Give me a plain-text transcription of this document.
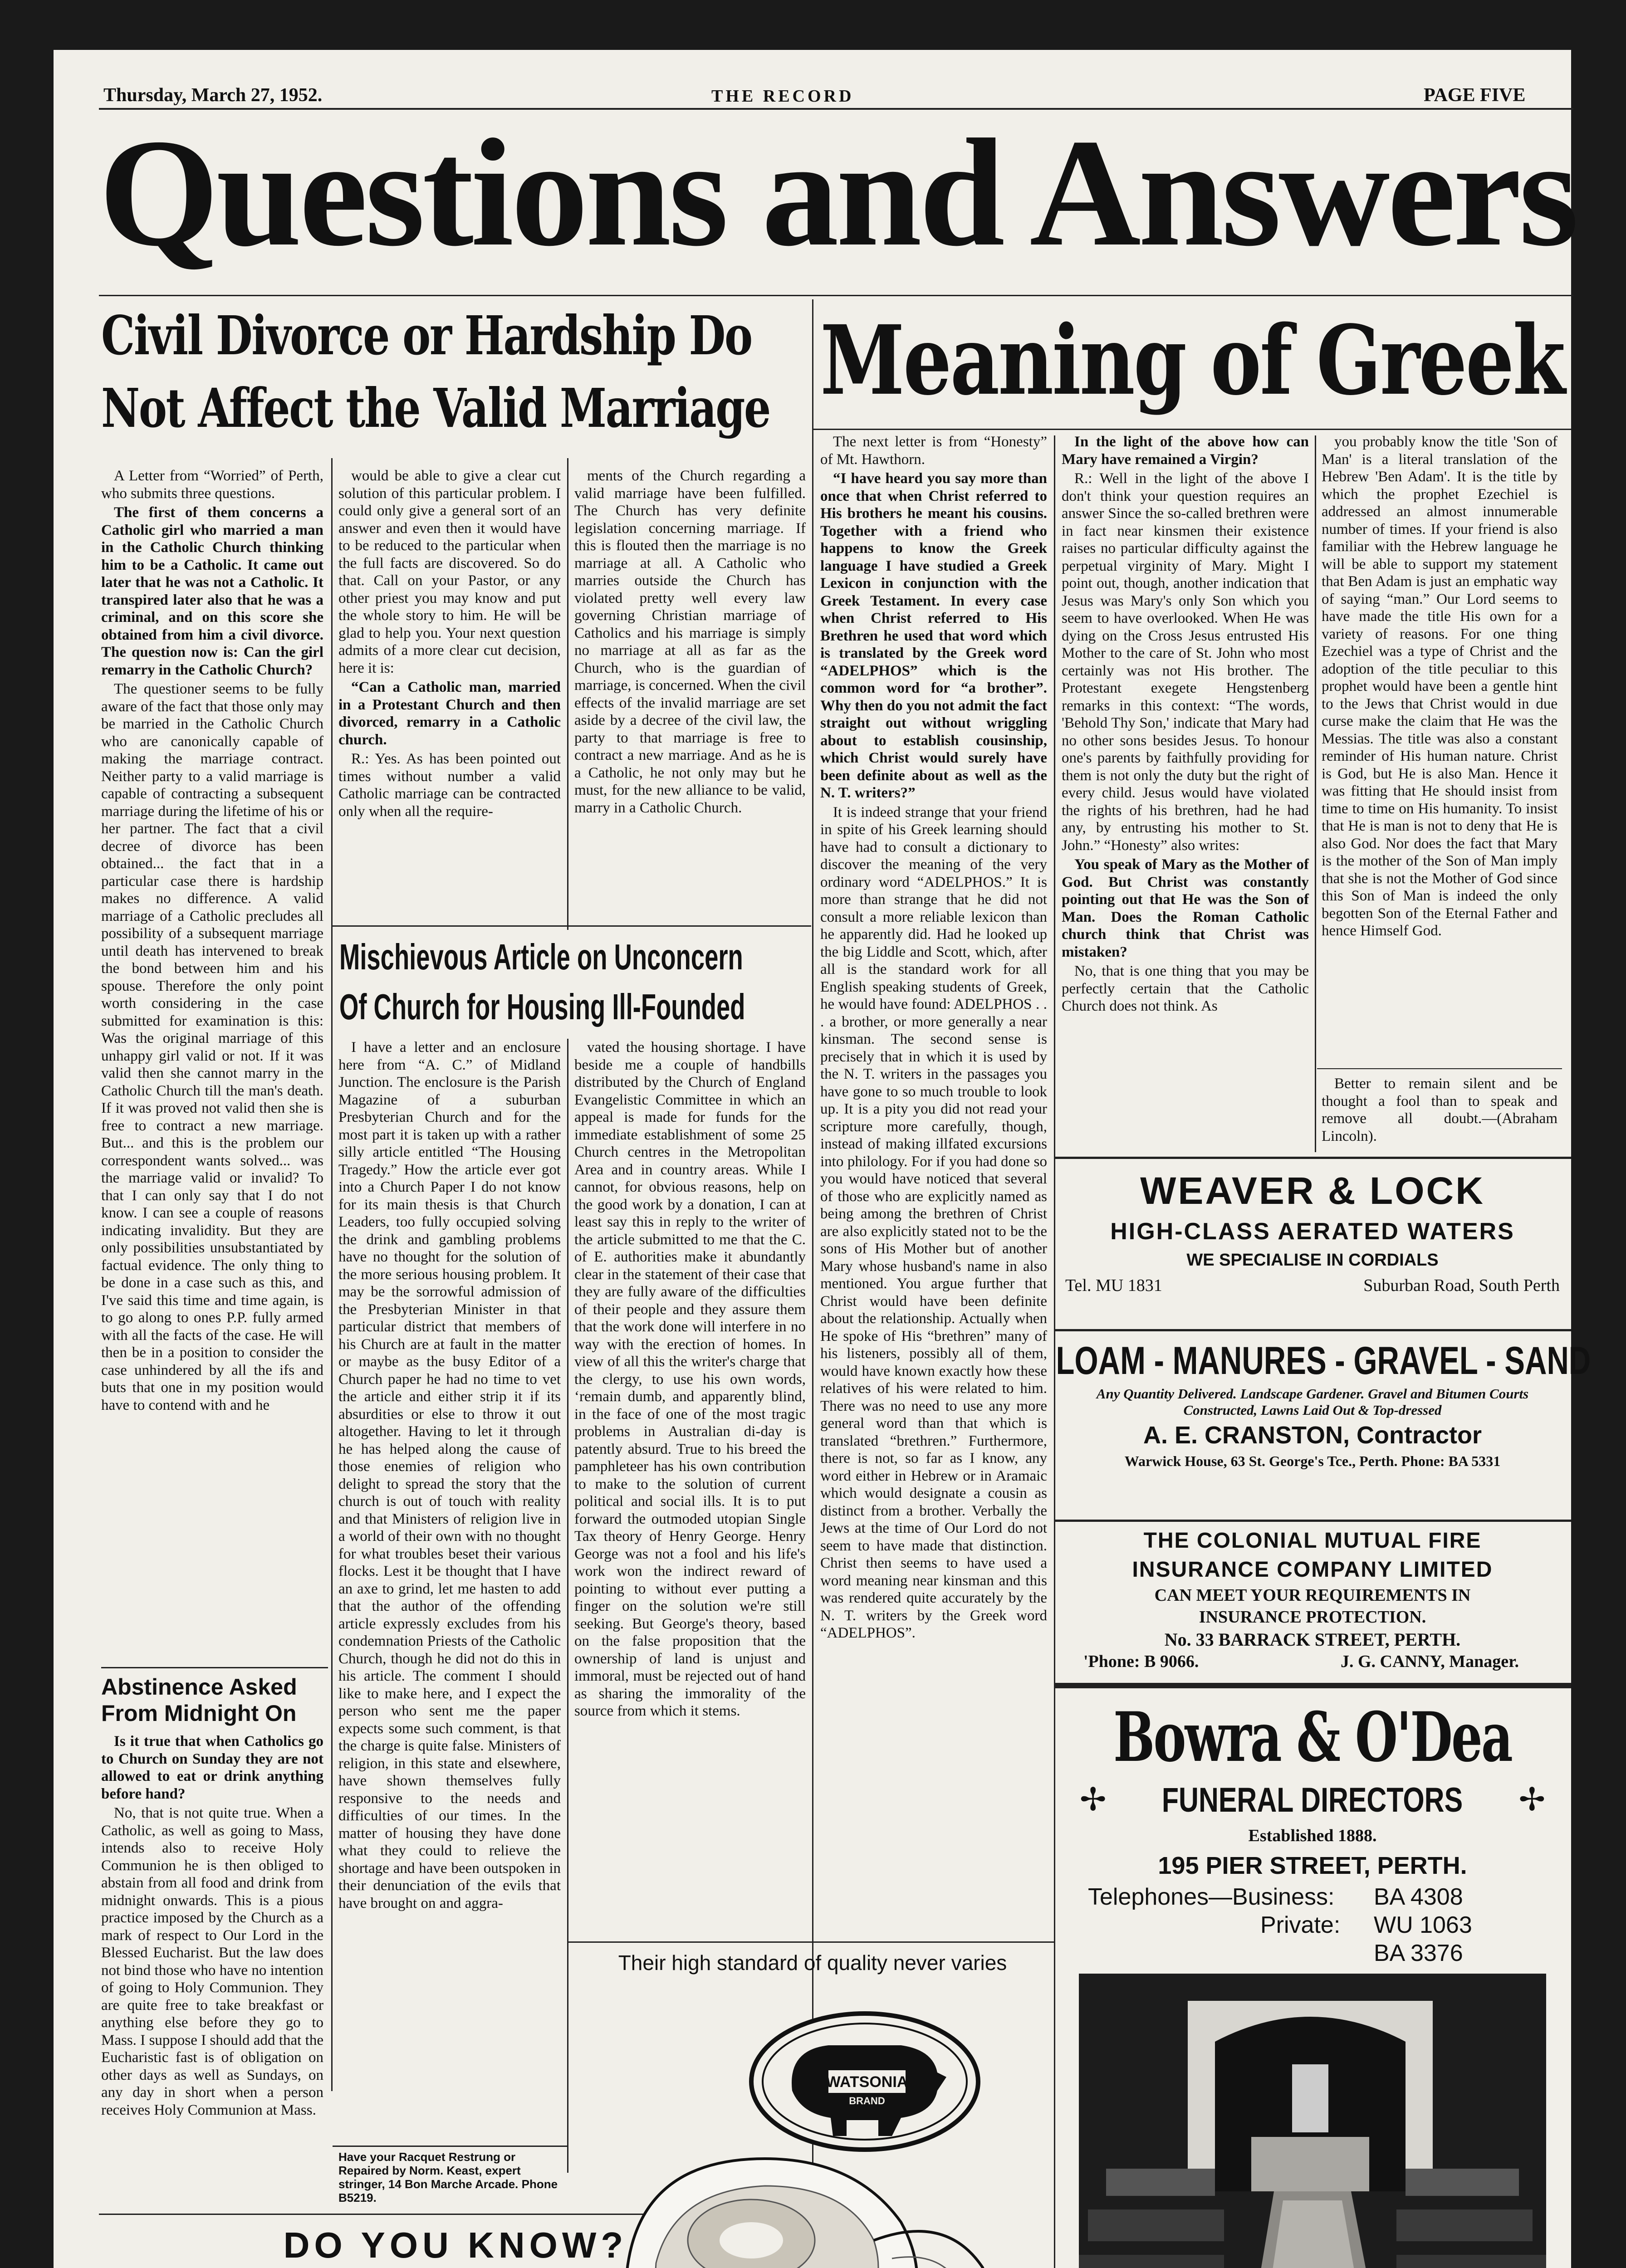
Thursday, March 27, 1952.	THE RECORD	PAGE FIVE
Questions and Answers
Civil Divorce or Hardship Do
Not Affect the Valid Marriage

A Letter from “Worried” of Perth, who submits three questions.

The first of them concerns a Catholic girl who married a man in the Catholic Church thinking him to be a Catholic. It came out later that he was not a Catholic. It transpired later also that he was a criminal, and on this score she obtained from him a civil divorce. The question now is: Can the girl remarry in the Catholic Church?

The questioner seems to be fully aware of the fact that those only may be married in the Catholic Church who are canonically capable of making the marriage contract. Neither party to a valid marriage is capable of contracting a subsequent marriage during the lifetime of his or her partner. The fact that a civil decree of divorce has been obtained... the fact that in a particular case there is hardship makes no difference. A valid marriage of a Catholic precludes all possibility of a subsequent marriage until death has intervened to break the bond between him and his spouse. Therefore the only point worth considering in the case submitted for examination is this: Was the original marriage of this unhappy girl valid or not. If it was valid then she cannot marry in the Catholic Church till the man's death. If it was proved not valid then she is free to contract a new marriage. But... and this is the problem our correspondent wants solved... was the marriage valid or invalid? To that I can only say that I do not know. I can see a couple of reasons indicating invalidity. But they are only possibilities unsubstantiated by factual evidence. The only thing to be done in a case such as this, and I've said this time and time again, is to go along to ones P.P. fully armed with all the facts of the case. He will then be in a position to consider the case unhindered by all the ifs and buts that one in my position would have to contend with and he

Abstinence Asked
From Midnight On

Is it true that when Catholics go to Church on Sunday they are not allowed to eat or drink anything before hand?

No, that is not quite true. When a Catholic, as well as going to Mass, intends also to receive Holy Communion he is then obliged to abstain from all food and drink from midnight onwards. This is a pious practice imposed by the Church as a mark of respect to Our Lord in the Blessed Eucharist. But the law does not bind those who have no intention of going to Holy Communion. They are quite free to take breakfast or anything else before they go to Mass. I suppose I should add that the Eucharistic fast is of obligation on other days as well as Sundays, on any day in short when a person receives Holy Communion at Mass.

would be able to give a clear cut solution of this particular problem. I could only give a general sort of an answer and even then it would have to be reduced to the particular when the full facts are discovered. So do that. Call on your Pastor, or any other priest you may know and put the whole story to him. He will be glad to help you. Your next question admits of a more clear cut decision, here it is:

“Can a Catholic man, married in a Protestant Church and then divorced, remarry in a Catholic church.

R.: Yes. As has been pointed out times without number a valid Catholic marriage can be contracted only when all the require-

ments of the Church regarding a valid marriage have been fulfilled. The Church has very definite legislation concerning marriage. If this is flouted then the marriage is no marriage at all. A Catholic who marries outside the Church has violated pretty well every law governing Christian marriage of Catholics and his marriage is simply no marriage at all as far as the Church, who is the guardian of marriage, is concerned. When the civil effects of the invalid marriage are set aside by a decree of the civil law, the party to that marriage is free to contract a new marriage. And as he is a Catholic, he not only may but he must, for the new alliance to be valid, marry in a Catholic Church.

Mischievous Article on Unconcern
Of Church for Housing Ill-Founded

I have a letter and an enclosure here from “A. C.” of Midland Junction. The enclosure is the Parish Magazine of a suburban Presbyterian Church and for the most part it is taken up with a rather silly article entitled “The Housing Tragedy.” How the article ever got into a Church Paper I do not know for its main thesis is that Church Leaders, too fully occupied solving the drink and gambling problems have no thought for the solution of the more serious housing problem. It may be the sorrowful admission of the Presbyterian Minister in that particular district that members of his Church are at fault in the matter or maybe as the busy Editor of a Church paper he had no time to vet the article and either strip it if its absurdities or else to throw it out altogether. Having to let it through he has helped along the cause of those enemies of religion who delight to spread the story that the church is out of touch with reality and that Ministers of religion live in a world of their own with no thought for what troubles beset their various flocks. Lest it be thought that I have an axe to grind, let me hasten to add that the author of the offending article expressly excludes from his condemnation Priests of the Catholic Church, though he did not do this in his article. The comment I should like to make here, and I expect the person who sent me the paper expects some such comment, is that the charge is quite false. Ministers of religion, in this state and elsewhere, have shown themselves fully responsive to the needs and difficulties of our times. In the matter of housing they have done what they could to relieve the shortage and have been outspoken in their denunciation of the evils that have brought on and aggra-

vated the housing shortage. I have beside me a couple of handbills distributed by the Church of England Evangelistic Committee in which an appeal is made for funds for the immediate establishment of some 25 Church centres in the Metropolitan Area and in country areas. While I cannot, for obvious reasons, help on the good work by a donation, I can at least say this in reply to the writer of the article submitted to me that the C. of E. authorities make it abundantly clear in the statement of their case that they are fully aware of the difficulties of their people and they assure them that the work done will interfere in no way with the erection of homes. In view of all this the writer's charge that the clergy, to use his own words, ‘remain dumb, and apparently blind, in the face of one of the most tragic problems in Australian di-day is patently absurd. True to his breed the pamphleteer has his own contribution to make to the solution of current political and social ills. It is to put forward the outmoded utopian Single Tax theory of Henry George. Henry George was not a fool and his life's work won the indirect reward of pointing to without ever putting a finger on the solution we're still seeking. But George's theory, based on the false proposition that the ownership of land is unjust and immoral, must be rejected out of hand as sharing the immorality of the source from which it stems.

Have your Racquet Restrung or Repaired by Norm. Keast, expert stringer, 14 Bon Marche Arcade. Phone B5219.
DO YOU KNOW?
Meaning of Greek

The next letter is from “Honesty” of Mt. Hawthorn.

“I have heard you say more than once that when Christ referred to His brothers he meant his cousins. Together with a friend who happens to know the Greek language I have studied a Greek Lexicon in conjunction with the Greek Testament. In every case when Christ referred to His Brethren he used that word which is translated by the Greek word “ADELPHOS” which is the common word for “a brother”. Why then do you not admit the fact straight out without wriggling about to establish cousinship, which Christ would surely have been definite about as well as the N. T. writers?”

It is indeed strange that your friend in spite of his Greek learning should have had to consult a dictionary to discover the meaning of the very ordinary word “ADELPHOS.” It is more than strange that he did not consult a more reliable lexicon than he apparently did. Had he looked up the big Liddle and Scott, which, after all is the standard work for all English speaking students of Greek, he would have found: ADELPHOS . . . a brother, or more generally a near kinsman. The second sense is precisely that in which it is used by the N. T. writers in the passages you have gone to so much trouble to look up. It is a pity you did not read your scripture more carefully, though, instead of making illfated excursions into philology. For if you had done so you would have noticed that several of those who are explicitly named as being among the brethren of Christ are also explicitly stated not to be the sons of His Mother but of another Mary whose husband's name in also mentioned. You argue further that Christ would have been definite about the relationship. Actually when He spoke of His “brethren” many of his listeners, possibly all of them, would have known exactly how these relatives of his were related to him. There was no need to use any more general word than that which is translated “brethren.” Furthermore, there is not, so far as I know, any word either in Hebrew or in Aramaic which would designate a cousin as distinct from a brother. Verbally the Jews at the time of Our Lord do not seem to have made that distinction. Christ then seems to have used a word meaning near kinsman and this was rendered quite accurately by the N. T. writers by the Greek word “ADELPHOS”.

In the light of the above how can Mary have remained a Virgin?

R.: Well in the light of the above I don't think your question requires an answer Since the so-called brethren were in fact near kinsmen their existence raises no particular difficulty against the perpetual virginity of Mary. Might I point out, though, another indication that Jesus was Mary's only Son which you seem to have overlooked. When He was dying on the Cross Jesus entrusted His Mother to the care of St. John who most certainly was not His brother. The Protestant exegete Hengstenberg remarks in this context: “The words, 'Behold Thy Son,' indicate that Mary had no other sons besides Jesus. To honour one's parents by faithfully providing for them is not only the duty but the right of every child. Jesus would have violated the rights of his brethren, had he had any, by entrusting his mother to St. John.” “Honesty” also writes:

You speak of Mary as the Mother of God. But Christ was constantly pointing out that He was the Son of Man. Does the Roman Catholic church think that Christ was mistaken?

No, that is one thing that you may be perfectly certain that the Catholic Church does not think. As

you probably know the title 'Son of Man' is a literal translation of the Hebrew 'Ben Adam'. It is the title by which the prophet Ezechiel is addressed an almost innumerable number of times. If your friend is also familiar with the Hebrew language he will be able to support my statement that Ben Adam is just an emphatic way of saying “man.” Our Lord seems to have made the title His own for a variety of reasons. For one thing Ezechiel was a type of Christ and the adoption of the title peculiar to this prophet would have been a gentle hint to the Jews that Christ would in due curse make the claim that He was the Messias. The title was also a constant reminder of His human nature. Christ is God, but He is also Man. Hence it was fitting that He should insist from time to time on His humanity. To insist that He is man is not to deny that He is also God. Nor does the fact that Mary is the mother of the Son of Man imply that she is not the Mother of God since this Son of Man is indeed the only begotten Son of the Eternal Father and hence Himself God.

Better to remain silent and be thought a fool than to speak and remove all doubt.—(Abraham Lincoln).

WEAVER & LOCK
HIGH-CLASS AERATED WATERS
WE SPECIALISE IN CORDIALS
Tel. MU 1831	Suburban Road, South Perth
LOAM - MANURES - GRAVEL - SAND
Any Quantity Delivered. Landscape Gardener. Gravel and Bitumen Courts Constructed, Lawns Laid Out & Top-dressed
A. E. CRANSTON, Contractor
Warwick House, 63 St. George's Tce., Perth. Phone: BA 5331
THE COLONIAL MUTUAL FIRE
INSURANCE COMPANY LIMITED
CAN MEET YOUR REQUIREMENTS IN
INSURANCE PROTECTION.
No. 33 BARRACK STREET, PERTH.
'Phone: B 9066.	J. G. CANNY, Manager.
Bowra & O'Dea
✢ FUNERAL DIRECTORS ✢
Established 1888.
195 PIER STREET, PERTH.
Telephones—Business: BA 4308
Private: WU 1063
BA 3376
Their high standard of quality never varies
WATSONIA
BRAND
